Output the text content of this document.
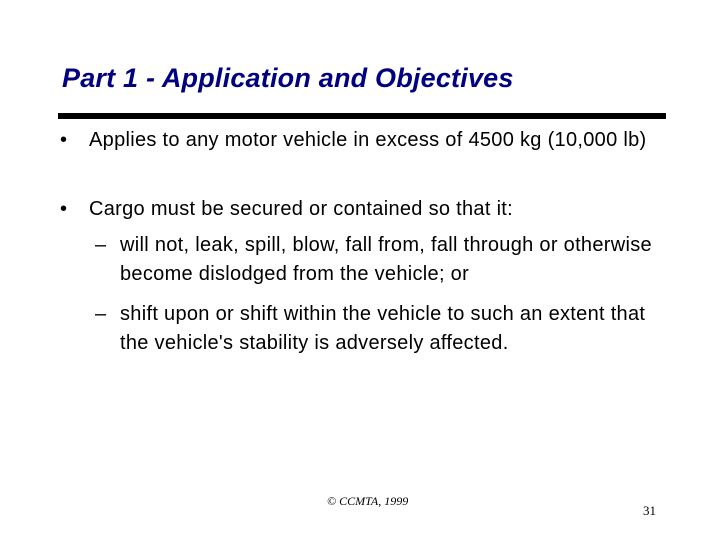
Part 1 - Application and Objectives
• Applies to any motor vehicle in excess of 4500 kg (10,000 lb)
• Cargo must be secured or contained so that it:
– will not, leak, spill, blow, fall from, fall through or otherwise become dislodged from the vehicle; or
– shift upon or shift within the vehicle to such an extent that the vehicle's stability is adversely affected.
© CCMTA, 1999
31
